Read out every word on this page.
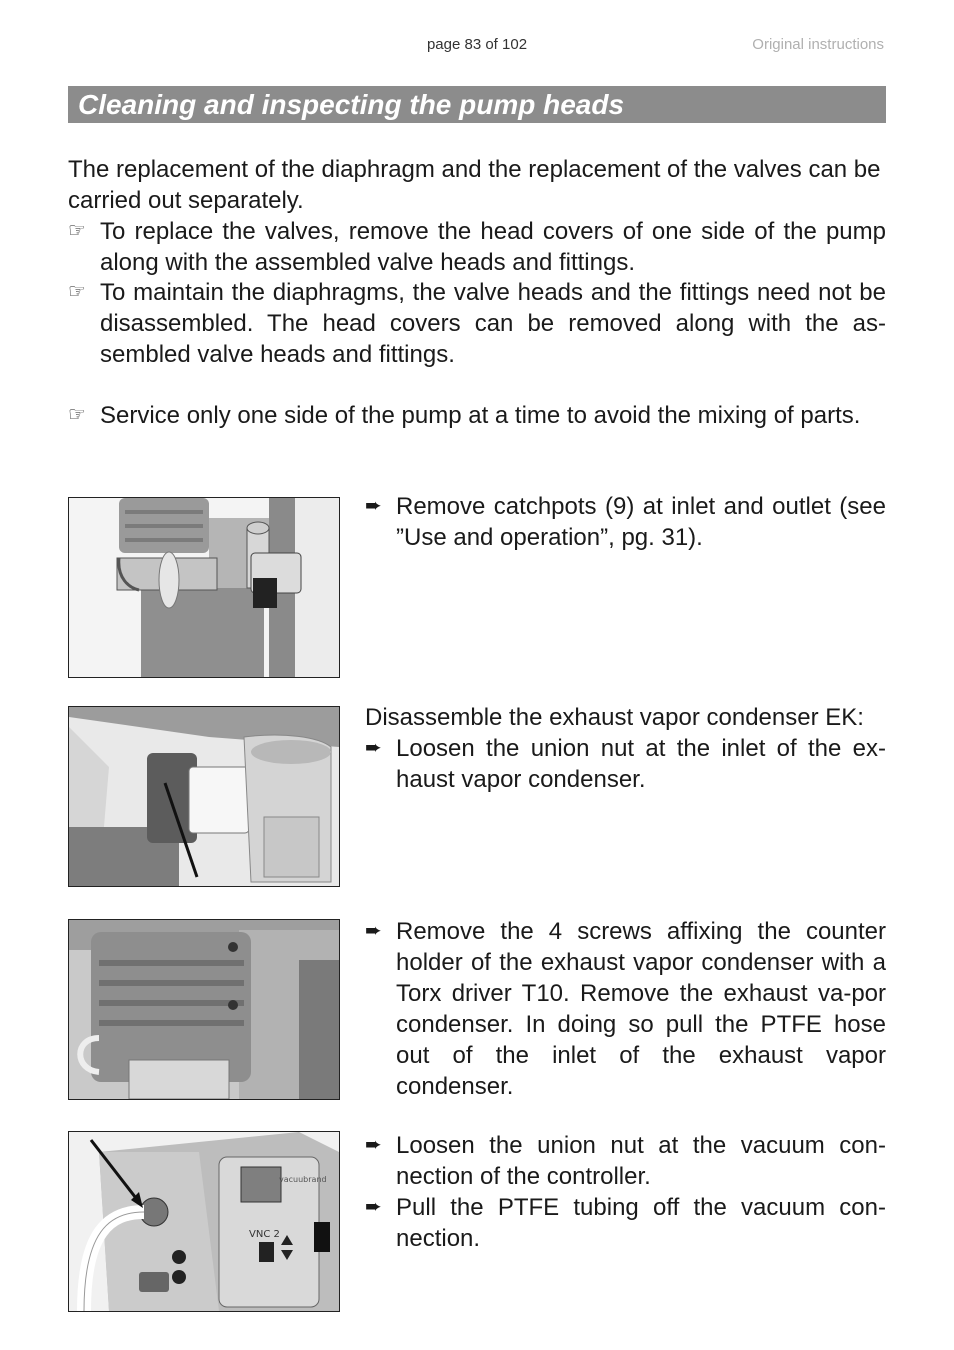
page 83 of 102	Original instructions
Cleaning and inspecting the pump heads
The replacement of the diaphragm and the replacement of the valves can be carried out separately.
☞ To replace the valves, remove the head covers of one side of the pump along with the assembled valve heads and fittings.
☞ To maintain the diaphragms, the valve heads and the fittings need not be disassembled. The head covers can be removed along with the as-sembled valve heads and fittings.
☞ Service only one side of the pump at a time to avoid the mixing of parts.
➨ Remove catchpots (9) at inlet and outlet (see ”Use and operation”, pg. 31).
Disassemble the exhaust vapor condenser EK:
➨ Loosen the union nut at the inlet of the ex-haust vapor condenser.
➨ Remove the 4 screws affixing the counter holder of the exhaust vapor condenser with a Torx driver T10. Remove the exhaust va-por condenser. In doing so pull the PTFE hose out of the inlet of the exhaust vapor condenser.
VNC 2
vacuubrand
➨ Loosen the union nut at the vacuum con-nection of the controller.
➨ Pull the PTFE tubing off the vacuum con-nection.
